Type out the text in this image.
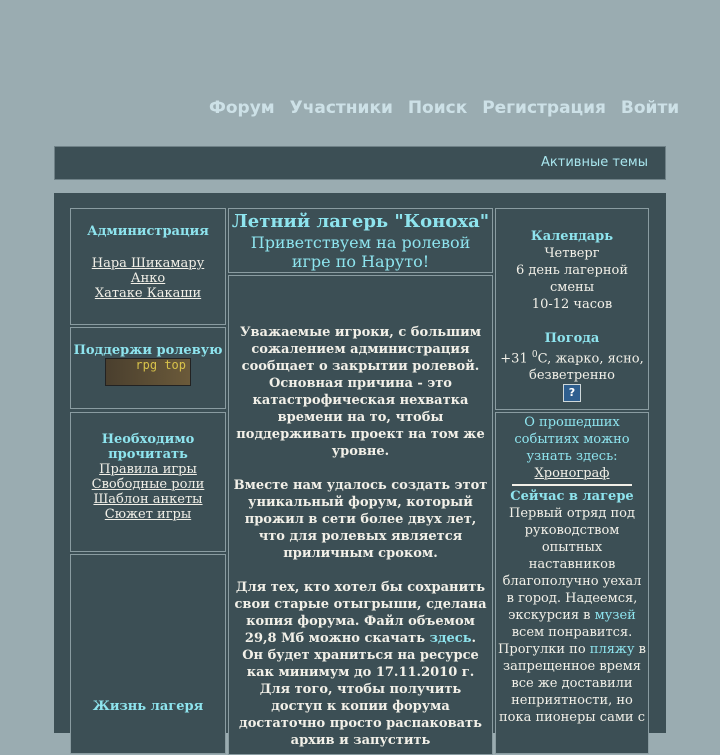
Форум Участники Поиск Регистрация Войти
Активные темы

Администрация

Нара Шикамару

Анко

Хатаке Какаши

Поддержи ролевую

rpg top

Необходимо прочитать

Правила игры

Свободные роли

Шаблон анкеты

Сюжет игры

Жизнь лагеря

Летний лагерь "Коноха"

Приветствуем на ролевой игре по Наруто!

Уважаемые игроки, с большим сожалением администрация сообщает о закрытии ролевой. Основная причина - это катастрофическая нехватка времени на то, чтобы поддерживать проект на том же уровне.

Вместе нам удалось создать этот уникальный форум, который прожил в сети более двух лет, что для ролевых является приличным сроком.

Для тех, кто хотел бы сохранить свои старые отыгрыши, сделана копия форума. Файл объемом 29,8 Мб можно скачать здесь. Он будет храниться на ресурсе как минимум до 17.11.2010 г. Для того, чтобы получить доступ к копии форума достаточно просто распаковать архив и запустить

Календарь

Четверг

6 день лагерной смены

10-12 часов

Погода

+31 $^0$C, жарко, ясно, безветренно

?

О прошедших событиях можно узнать здесь:

Хронограф

Сейчас в лагере

Первый отряд под руководством опытных наставников благополучно уехал в город. Надеемся, экскурсия в музей всем понравится. Прогулки по пляжу в запрещенное время все же доставили неприятности, но пока пионеры сами с
